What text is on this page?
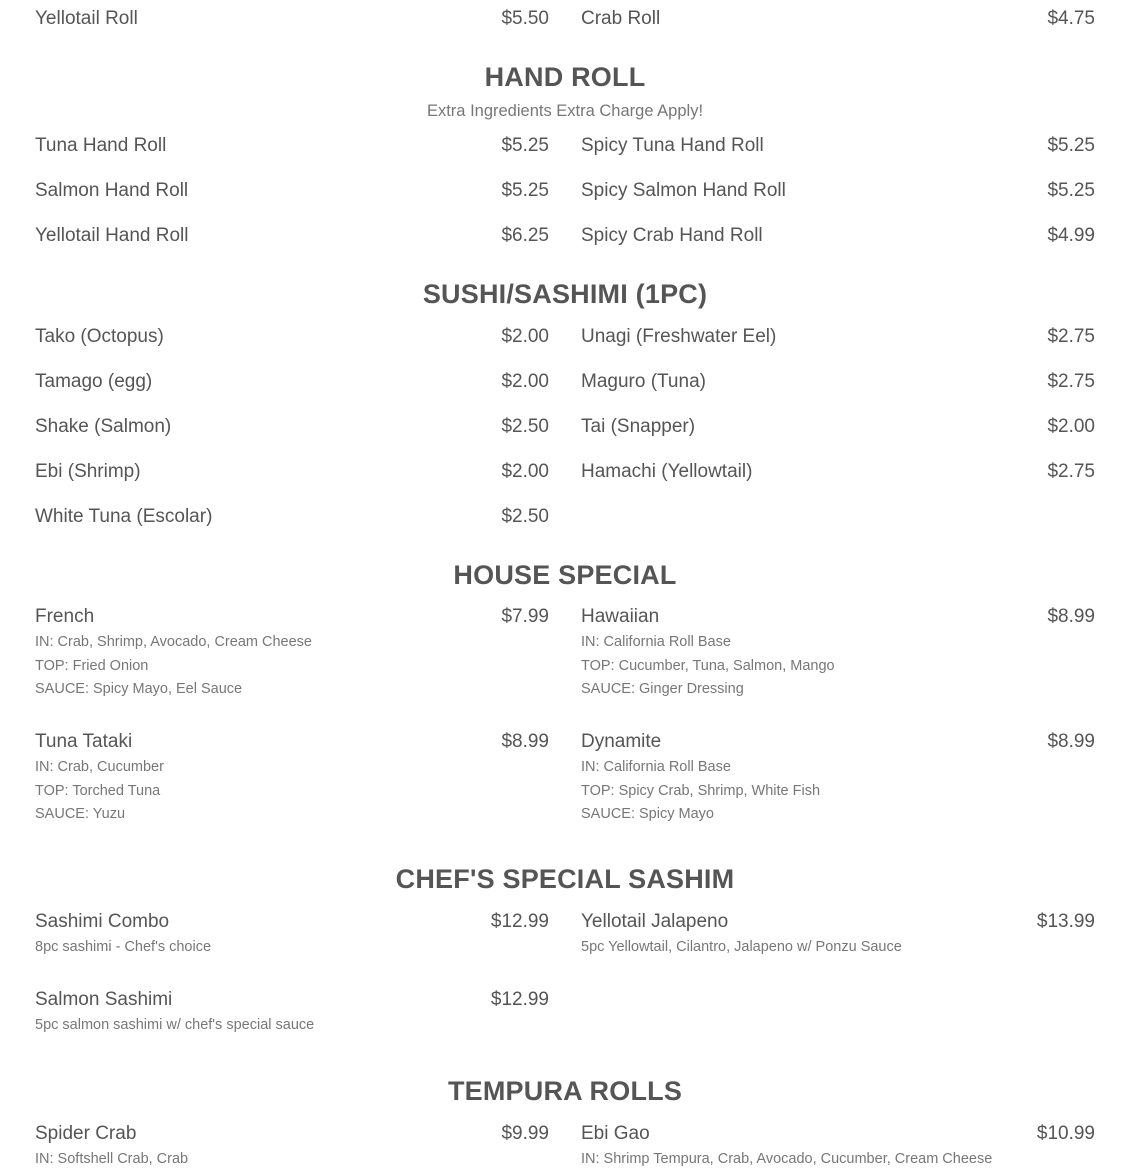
Yellotail Roll	$5.50 Crab Roll	$4.75
HAND ROLL
Extra Ingredients Extra Charge Apply!
Tuna Hand Roll	$5.25 Spicy Tuna Hand Roll	$5.25
Salmon Hand Roll	$5.25 Spicy Salmon Hand Roll	$5.25
Yellotail Hand Roll	$6.25 Spicy Crab Hand Roll	$4.99
SUSHI/SASHIMI (1PC)
Tako (Octopus)	$2.00 Unagi (Freshwater Eel)	$2.75
Tamago (egg)	$2.00 Maguro (Tuna)	$2.75
Shake (Salmon)	$2.50 Tai (Snapper)	$2.00
Ebi (Shrimp)	$2.00 Hamachi (Yellowtail)	$2.75
White Tuna (Escolar)	$2.50
HOUSE SPECIAL
French	$7.99
IN: Crab, Shrimp, Avocado, Cream Cheese
TOP: Fried Onion
SAUCE: Spicy Mayo, Eel Sauce
Hawaiian	$8.99
IN: California Roll Base
TOP: Cucumber, Tuna, Salmon, Mango
SAUCE: Ginger Dressing
Tuna Tataki	$8.99
IN: Crab, Cucumber
TOP: Torched Tuna
SAUCE: Yuzu
Dynamite	$8.99
IN: California Roll Base
TOP: Spicy Crab, Shrimp, White Fish
SAUCE: Spicy Mayo
CHEF'S SPECIAL SASHIM
Sashimi Combo	$12.99
8pc sashimi - Chef's choice
Yellotail Jalapeno	$13.99
5pc Yellowtail, Cilantro, Jalapeno w/ Ponzu Sauce
Salmon Sashimi	$12.99
5pc salmon sashimi w/ chef's special sauce
TEMPURA ROLLS
Spider Crab	$9.99
IN: Softshell Crab, Crab
Ebi Gao	$10.99
IN: Shrimp Tempura, Crab, Avocado, Cucumber, Cream Cheese
